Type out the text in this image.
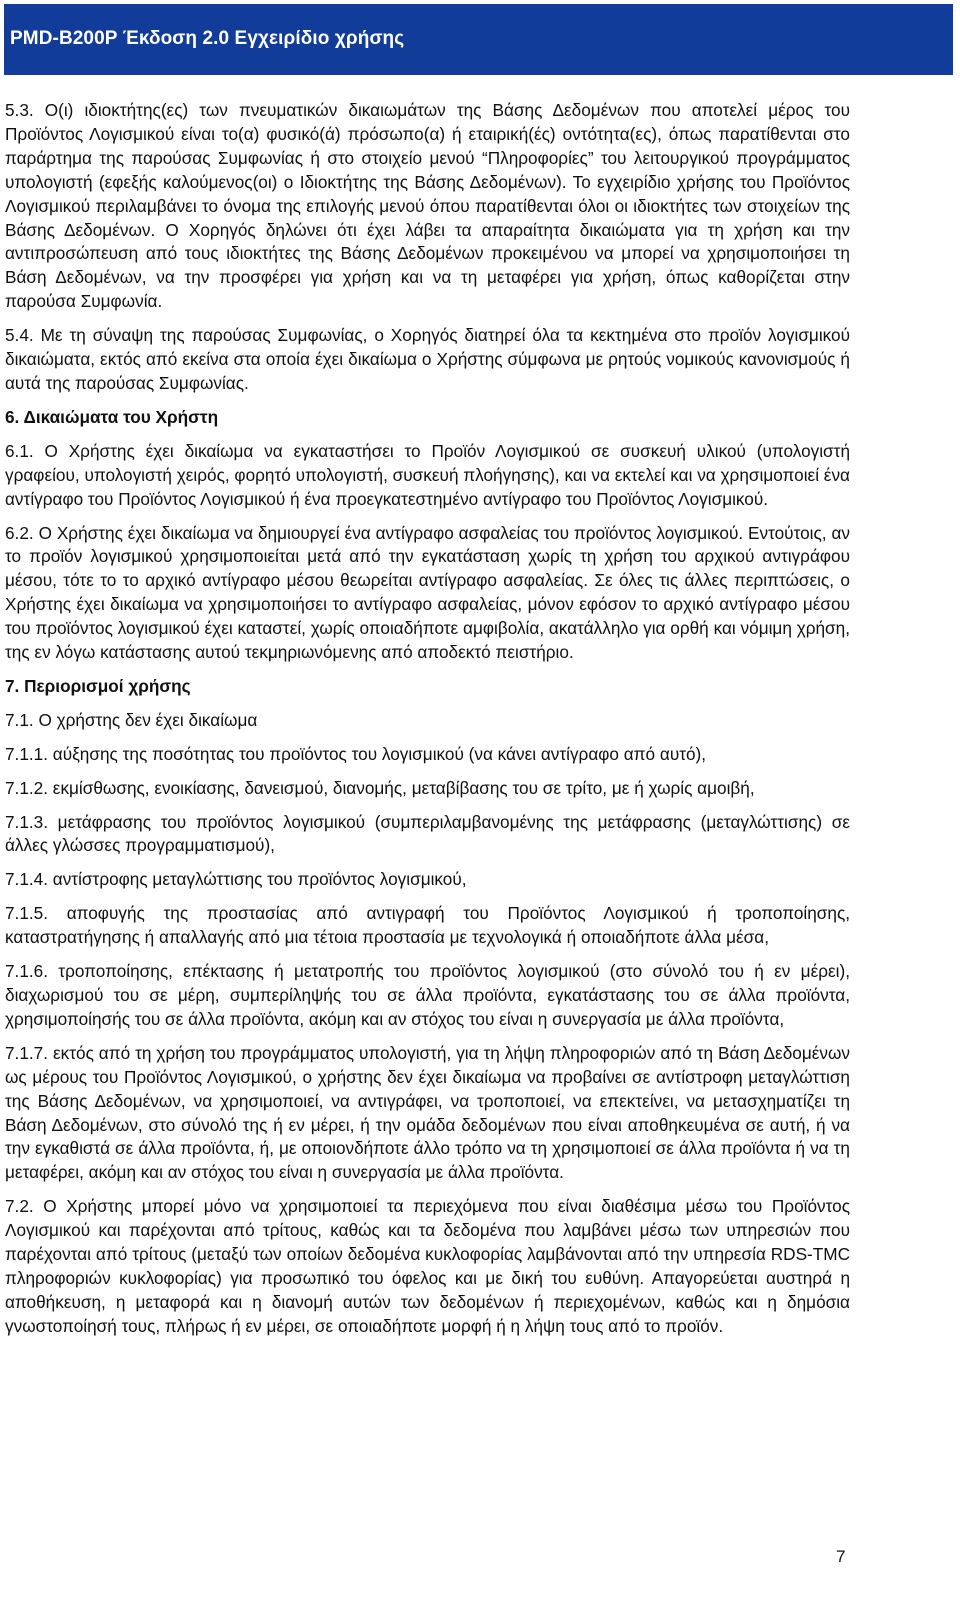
PMD-B200P Έκδοση 2.0 Εγχειρίδιο χρήσης

5.3. Ο(ι) ιδιοκτήτης(ες) των πνευματικών δικαιωμάτων της Βάσης Δεδομένων που αποτελεί μέρος του Προϊόντος Λογισμικού είναι το(α) φυσικό(ά) πρόσωπο(α) ή εταιρική(ές) οντότητα(ες), όπως παρατίθενται στο παράρτημα της παρούσας Συμφωνίας ή στο στοιχείο μενού “Πληροφορίες” του λειτουργικού προγράμματος υπολογιστή (εφεξής καλούμενος(οι) ο Ιδιοκτήτης της Βάσης Δεδομένων). Το εγχειρίδιο χρήσης του Προϊόντος Λογισμικού περιλαμβάνει το όνομα της επιλογής μενού όπου παρατίθενται όλοι οι ιδιοκτήτες των στοιχείων της Βάσης Δεδομένων. Ο Χορηγός δηλώνει ότι έχει λάβει τα απαραίτητα δικαιώματα για τη χρήση και την αντιπροσώπευση από τους ιδιοκτήτες της Βάσης Δεδομένων προκειμένου να μπορεί να χρησιμοποιήσει τη Βάση Δεδομένων, να την προσφέρει για χρήση και να τη μεταφέρει για χρήση, όπως καθορίζεται στην παρούσα Συμφωνία.

5.4. Με τη σύναψη της παρούσας Συμφωνίας, ο Χορηγός διατηρεί όλα τα κεκτημένα στο προϊόν λογισμικού δικαιώματα, εκτός από εκείνα στα οποία έχει δικαίωμα ο Χρήστης σύμφωνα με ρητούς νομικούς κανονισμούς ή αυτά της παρούσας Συμφωνίας.

6. Δικαιώματα του Χρήστη

6.1. Ο Χρήστης έχει δικαίωμα να εγκαταστήσει το Προϊόν Λογισμικού σε συσκευή υλικού (υπολογιστή γραφείου, υπολογιστή χειρός, φορητό υπολογιστή, συσκευή πλοήγησης), και να εκτελεί και να χρησιμοποιεί ένα αντίγραφο του Προϊόντος Λογισμικού ή ένα προεγκατεστημένο αντίγραφο του Προϊόντος Λογισμικού.

6.2. Ο Χρήστης έχει δικαίωμα να δημιουργεί ένα αντίγραφο ασφαλείας του προϊόντος λογισμικού. Εντούτοις, αν το προϊόν λογισμικού χρησιμοποιείται μετά από την εγκατάσταση χωρίς τη χρήση του αρχικού αντιγράφου μέσου, τότε το το αρχικό αντίγραφο μέσου θεωρείται αντίγραφο ασφαλείας. Σε όλες τις άλλες περιπτώσεις, ο Χρήστης έχει δικαίωμα να χρησιμοποιήσει το αντίγραφο ασφαλείας, μόνον εφόσον το αρχικό αντίγραφο μέσου του προϊόντος λογισμικού έχει καταστεί, χωρίς οποιαδήποτε αμφιβολία, ακατάλληλο για ορθή και νόμιμη χρήση, της εν λόγω κατάστασης αυτού τεκμηριωνόμενης από αποδεκτό πειστήριο.

7. Περιορισμοί χρήσης

7.1. Ο χρήστης δεν έχει δικαίωμα

7.1.1. αύξησης της ποσότητας του προϊόντος του λογισμικού (να κάνει αντίγραφο από αυτό),

7.1.2. εκμίσθωσης, ενοικίασης, δανεισμού, διανομής, μεταβίβασης του σε τρίτο, με ή χωρίς αμοιβή,

7.1.3. μετάφρασης του προϊόντος λογισμικού (συμπεριλαμβανομένης της μετάφρασης (μεταγλώττισης) σε άλλες γλώσσες προγραμματισμού),

7.1.4. αντίστροφης μεταγλώττισης του προϊόντος λογισμικού,

7.1.5. αποφυγής της προστασίας από αντιγραφή του Προϊόντος Λογισμικού ή τροποποίησης, καταστρατήγησης ή απαλλαγής από μια τέτοια προστασία με τεχνολογικά ή οποιαδήποτε άλλα μέσα,

7.1.6. τροποποίησης, επέκτασης ή μετατροπής του προϊόντος λογισμικού (στο σύνολό του ή εν μέρει), διαχωρισμού του σε μέρη, συμπερίληψής του σε άλλα προϊόντα, εγκατάστασης του σε άλλα προϊόντα, χρησιμοποίησής του σε άλλα προϊόντα, ακόμη και αν στόχος του είναι η συνεργασία με άλλα προϊόντα,

7.1.7. εκτός από τη χρήση του προγράμματος υπολογιστή, για τη λήψη πληροφοριών από τη Βάση Δεδομένων ως μέρους του Προϊόντος Λογισμικού, ο χρήστης δεν έχει δικαίωμα να προβαίνει σε αντίστροφη μεταγλώττιση της Βάσης Δεδομένων, να χρησιμοποιεί, να αντιγράφει, να τροποποιεί, να επεκτείνει, να μετασχηματίζει τη Βάση Δεδομένων, στο σύνολό της ή εν μέρει, ή την ομάδα δεδομένων που είναι αποθηκευμένα σε αυτή, ή να την εγκαθιστά σε άλλα προϊόντα, ή, με οποιονδήποτε άλλο τρόπο να τη χρησιμοποιεί σε άλλα προϊόντα ή να τη μεταφέρει, ακόμη και αν στόχος του είναι η συνεργασία με άλλα προϊόντα.

7.2. Ο Χρήστης μπορεί μόνο να χρησιμοποιεί τα περιεχόμενα που είναι διαθέσιμα μέσω του Προϊόντος Λογισμικού και παρέχονται από τρίτους, καθώς και τα δεδομένα που λαμβάνει μέσω των υπηρεσιών που παρέχονται από τρίτους (μεταξύ των οποίων δεδομένα κυκλοφορίας λαμβάνονται από την υπηρεσία RDS-TMC πληροφοριών κυκλοφορίας) για προσωπικό του όφελος και με δική του ευθύνη. Απαγορεύεται αυστηρά η αποθήκευση, η μεταφορά και η διανομή αυτών των δεδομένων ή περιεχομένων, καθώς και η δημόσια γνωστοποίησή τους, πλήρως ή εν μέρει, σε οποιαδήποτε μορφή ή η λήψη τους από το προϊόν.

7
